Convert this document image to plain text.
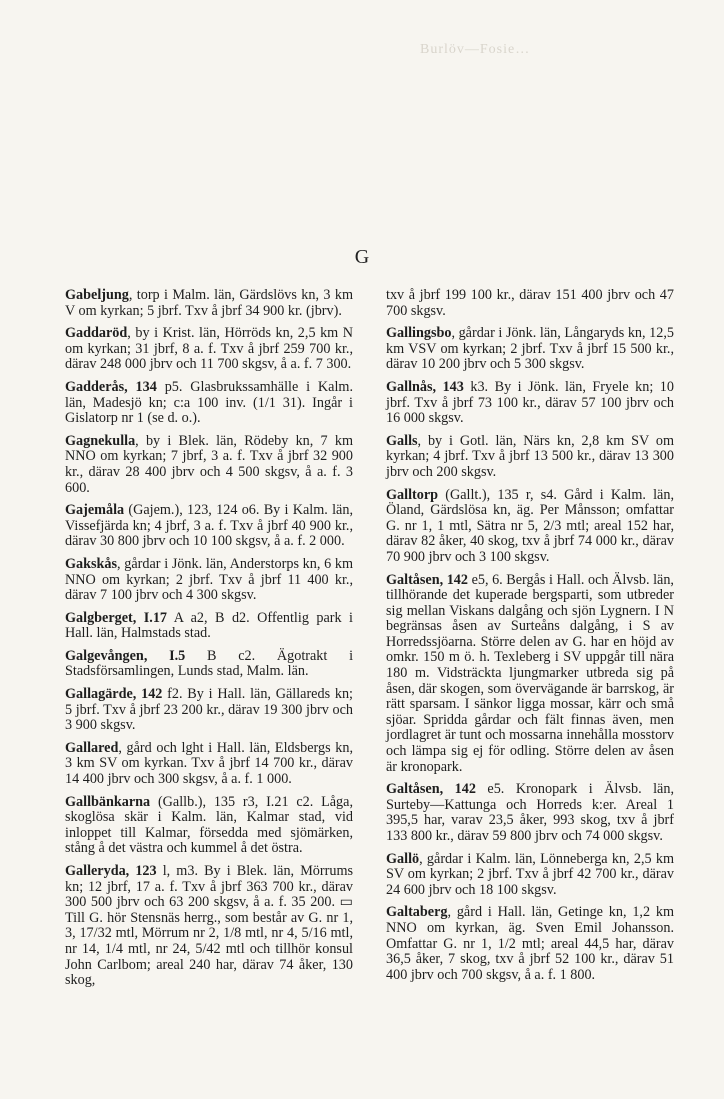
Burlöv—Fosie…
G

Gabeljung, torp i Malm. län, Gärdslövs kn, 3 km V om kyrkan; 5 jbrf. Txv å jbrf 34 900 kr. (jbrv).

Gaddaröd, by i Krist. län, Hörröds kn, 2,5 km N om kyrkan; 31 jbrf, 8 a. f. Txv å jbrf 259 700 kr., därav 248 000 jbrv och 11 700 skgsv, å a. f. 7 300.

Gadderås, 134 p5. Glasbrukssamhälle i Kalm. län, Madesjö kn; c:a 100 inv. (1/1 31). Ingår i Gislatorp nr 1 (se d. o.).

Gagnekulla, by i Blek. län, Rödeby kn, 7 km NNO om kyrkan; 7 jbrf, 3 a. f. Txv å jbrf 32 900 kr., därav 28 400 jbrv och 4 500 skgsv, å a. f. 3 600.

Gajemåla (Gajem.), 123, 124 o6. By i Kalm. län, Vissefjärda kn; 4 jbrf, 3 a. f. Txv å jbrf 40 900 kr., därav 30 800 jbrv och 10 100 skgsv, å a. f. 2 000.

Gakskås, gårdar i Jönk. län, Anderstorps kn, 6 km NNO om kyrkan; 2 jbrf. Txv å jbrf 11 400 kr., därav 7 100 jbrv och 4 300 skgsv.

Galgberget, I.17 A a2, B d2. Offentlig park i Hall. län, Halmstads stad.

Galgevången, I.5 B c2. Ägotrakt i Stadsförsamlingen, Lunds stad, Malm. län.

Gallagärde, 142 f2. By i Hall. län, Gällareds kn; 5 jbrf. Txv å jbrf 23 200 kr., därav 19 300 jbrv och 3 900 skgsv.

Gallared, gård och lght i Hall. län, Eldsbergs kn, 3 km SV om kyrkan. Txv å jbrf 14 700 kr., därav 14 400 jbrv och 300 skgsv, å a. f. 1 000.

Gallbänkarna (Gallb.), 135 r3, I.21 c2. Låga, skoglösa skär i Kalm. län, Kalmar stad, vid inloppet till Kalmar, försedda med sjömärken, stång å det västra och kummel å det östra.

Galleryda, 123 l, m3. By i Blek. län, Mörrums kn; 12 jbrf, 17 a. f. Txv å jbrf 363 700 kr., därav 300 500 jbrv och 63 200 skgsv, å a. f. 35 200. ▭ Till G. hör Stensnäs herrg., som består av G. nr 1, 3, 17/32 mtl, Mörrum nr 2, 1/8 mtl, nr 4, 5/16 mtl, nr 14, 1/4 mtl, nr 24, 5/42 mtl och tillhör konsul John Carlbom; areal 240 har, därav 74 åker, 130 skog,

txv å jbrf 199 100 kr., därav 151 400 jbrv och 47 700 skgsv.

Gallingsbo, gårdar i Jönk. län, Långaryds kn, 12,5 km VSV om kyrkan; 2 jbrf. Txv å jbrf 15 500 kr., därav 10 200 jbrv och 5 300 skgsv.

Gallnås, 143 k3. By i Jönk. län, Fryele kn; 10 jbrf. Txv å jbrf 73 100 kr., därav 57 100 jbrv och 16 000 skgsv.

Galls, by i Gotl. län, Närs kn, 2,8 km SV om kyrkan; 4 jbrf. Txv å jbrf 13 500 kr., därav 13 300 jbrv och 200 skgsv.

Galltorp (Gallt.), 135 r, s4. Gård i Kalm. län, Öland, Gärdslösa kn, äg. Per Månsson; omfattar G. nr 1, 1 mtl, Sätra nr 5, 2/3 mtl; areal 152 har, därav 82 åker, 40 skog, txv å jbrf 74 000 kr., därav 70 900 jbrv och 3 100 skgsv.

Galtåsen, 142 e5, 6. Bergås i Hall. och Älvsb. län, tillhörande det kuperade bergsparti, som utbreder sig mellan Viskans dalgång och sjön Lygnern. I N begränsas åsen av Surteåns dalgång, i S av Horredssjöarna. Större delen av G. har en höjd av omkr. 150 m ö. h. Texleberg i SV uppgår till nära 180 m. Vidsträckta ljungmarker utbreda sig på åsen, där skogen, som övervägande är barrskog, är rätt sparsam. I sänkor ligga mossar, kärr och små sjöar. Spridda gårdar och fält finnas även, men jordlagret är tunt och mossarna innehålla mosstorv och lämpa sig ej för odling. Större delen av åsen är kronopark.

Galtåsen, 142 e5. Kronopark i Älvsb. län, Surteby—Kattunga och Horreds k:er. Areal 1 395,5 har, varav 23,5 åker, 993 skog, txv å jbrf 133 800 kr., därav 59 800 jbrv och 74 000 skgsv.

Gallö, gårdar i Kalm. län, Lönneberga kn, 2,5 km SV om kyrkan; 2 jbrf. Txv å jbrf 42 700 kr., därav 24 600 jbrv och 18 100 skgsv.

Galtaberg, gård i Hall. län, Getinge kn, 1,2 km NNO om kyrkan, äg. Sven Emil Johansson. Omfattar G. nr 1, 1/2 mtl; areal 44,5 har, därav 36,5 åker, 7 skog, txv å jbrf 52 100 kr., därav 51 400 jbrv och 700 skgsv, å a. f. 1 800.
